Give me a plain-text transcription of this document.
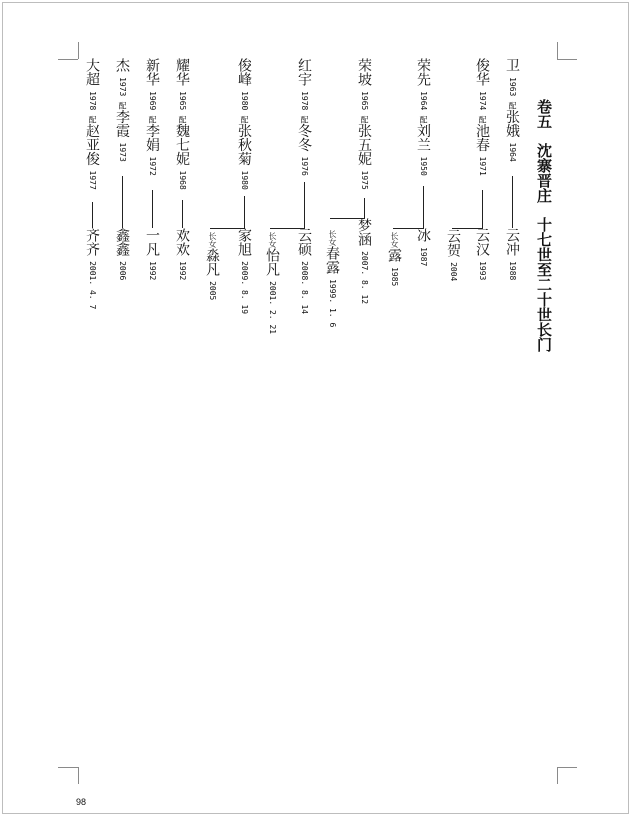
卷五沈寨晋庄十七世至二十世长门
卫 1963 配张娥 1964
云冲 1988
俊华 1974 配池春 1971
云汉 1993
云贺 2004
荣先 1964 配刘兰 1950
冰 1987
长女露 1985
荣坡 1965 配张五妮 1975
梦涵 2007. 8. 12
长女春露 1999. 1. 6
红宇 1978 配冬冬 1976
云硕 2008. 8. 14
长女怡凡 2001. 2. 21
俊峰 1980 配张秋菊 1980
家旭 2009. 8. 19
长女淼凡 2005
耀华 1965 配魏七妮 1968
欢欢 1992
新华 1969 配李娟 1972
一凡 1992
杰 1973 配李霞 1973
鑫鑫 2006
大超 1978 配赵亚俊 1977
齐齐 2001. 4. 7
98
